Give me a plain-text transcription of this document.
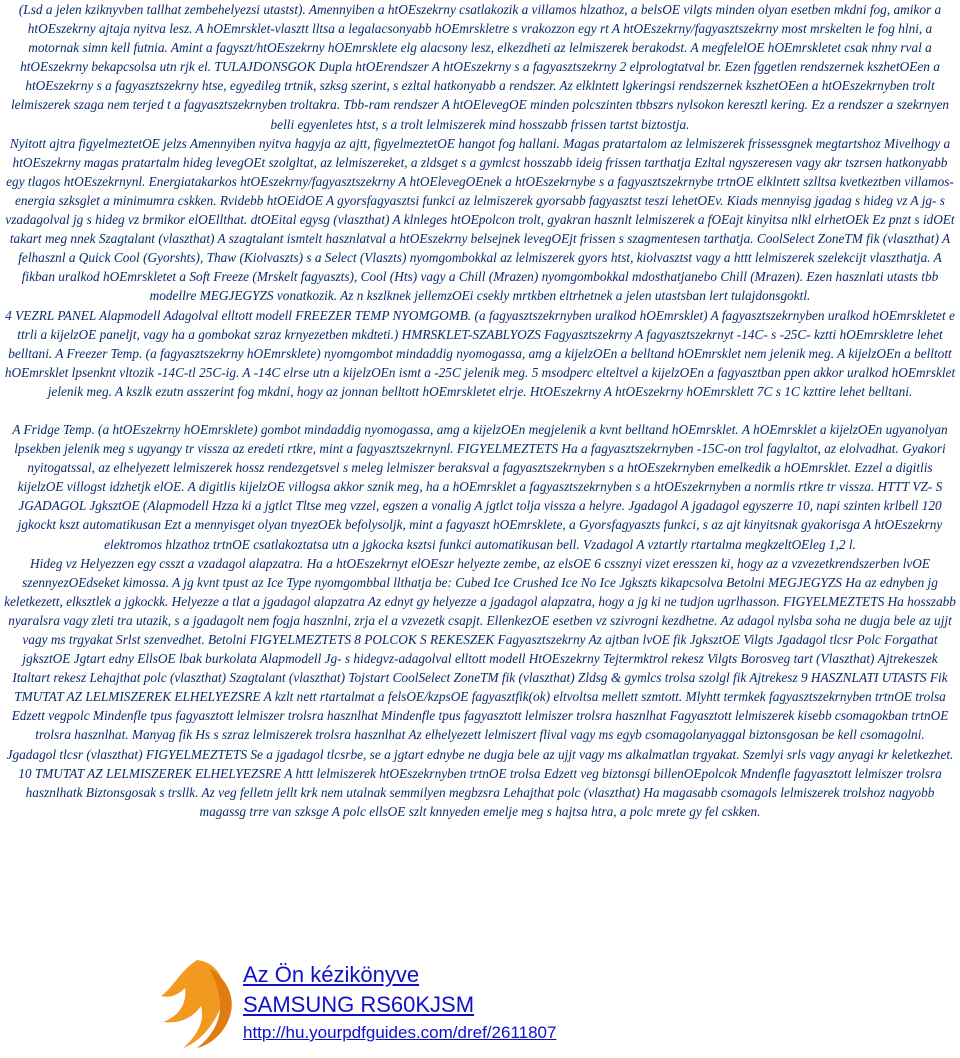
(Lsd a jelen kziknyvben tallhat zembehelyezsi utastst). Amennyiben a htOEszekrny csatlakozik a villamos hlzathoz, a belsOE vilgts minden olyan esetben mkdni fog, amikor a htOEszekrny ajtaja nyitva lesz. A hOEmrsklet-vlasztt lltsa a legalacsonyabb hOEmrskletre s vrakozzon egy rt A htOEszekrny/fagyasztszekrny most mrskelten le fog hlni, a motornak simn kell futnia. Amint a fagyszt/htOEszekrny hOEmrsklete elg alacsony lesz, elkezdheti az lelmiszerek berakodst. A megfelelOE hOEmrskletet csak nhny rval a htOEszekrny bekapcsolsa utn rjk el. TULAJDONSGOK Dupla htOErendszer A htOEszekrny s a fagyasztszekrny 2 elprologtatval br. Ezen fggetlen rendszernek kszhetOEen a htOEszekrny s a fagyasztszekrny htse, egyedileg trtnik, szksg szerint, s ezltal hatkonyabb a rendszer. Az elklntett lgkeringsi rendszernek kszhetOEen a htOEszekrnyben trolt lelmiszerek szaga nem terjed t a fagyasztszekrnyben troltakra. Tbb-ram rendszer A htOElevegOE minden polcszinten tbbszrs nylsokon keresztl kering. Ez a rendszer a szekrnyen belli egyenletes htst, s a trolt lelmiszerek mind hosszabb frissen tartst biztostja.
Nyitott ajtra figyelmeztetOE jelzs Amennyiben nyitva hagyja az ajtt, figyelmeztetOE hangot fog hallani. Magas pratartalom az lelmiszerek frissessgnek megtartshoz Mivelhogy a htOEszekrny magas pratartalm hideg levegOEt szolgltat, az lelmiszereket, a zldsget s a gymlcst hosszabb ideig frissen tarthatja Ezltal ngyszeresen vagy akr tszrsen hatkonyabb egy tlagos htOEszekrnynl. Energiatakarkos htOEszekrny/fagyasztszekrny A htOElevegOEnek a htOEszekrnybe s a fagyasztszekrnybe trtnOE elklntett szlltsa kvetkeztben villamos-energia szksglet a minimumra cskken. Rvidebb htOEidOE A gyorsfagyasztsi funkci az lelmiszerek gyorsabb fagyasztst teszi lehetOEv. Kiads mennyisg jgadag s hideg vz A jg- s vzadagolval jg s hideg vz brmikor elOEllthat. dtOEital egysg (vlaszthat) A klnleges htOEpolcon trolt, gyakran hasznlt lelmiszerek a fOEajt kinyitsa nlkl elrhetOEk Ez pnzt s idOEt takart meg nnek Szagtalant (vlaszthat) A szagtalant ismtelt hasznlatval a htOEszekrny belsejnek levegOEjt frissen s szagmentesen tarthatja. CoolSelect ZoneTM fik (vlaszthat) A felhasznl a Quick Cool (Gyorshts), Thaw (Kiolvaszts) s a Select (Vlaszts) nyomgombokkal az lelmiszerek gyors htst, kiolvasztst vagy a httt lelmiszerek szelekcijt vlaszthatja. A fikban uralkod hOEmrskletet a Soft Freeze (Mrskelt fagyaszts), Cool (Hts) vagy a Chill (Mrazen) nyomgombokkal mdosthatjanebo Chill (Mrazen). Ezen hasznlati utasts tbb modellre MEGJEGYZS vonatkozik. Az n kszlknek jellemzOEi csekly mrtkben eltrhetnek a jelen utastsban lert tulajdonsgoktl.
4 VEZRL PANEL Alapmodell Adagolval elltott modell FREEZER TEMP NYOMGOMB. (a fagyasztszekrnyben uralkod hOEmrsklet) A fagyasztszekrnyben uralkod hOEmrskletet e ttrli a kijelzOE paneljt, vagy ha a gombokat szraz krnyezetben mkdteti.) HMRSKLET-SZABLYOZS Fagyasztszekrny A fagyasztszekrnyt -14C- s -25C- kztti hOEmrskletre lehet belltani. A Freezer Temp. (a fagyasztszekrny hOEmrsklete) nyomgombot mindaddig nyomogassa, amg a kijelzOEn a belltand hOEmrsklet nem jelenik meg. A kijelzOEn a belltott hOEmrsklet lpsenknt vltozik -14C-tl 25C-ig. A -14C elrse utn a kijelzOEn ismt a -25C jelenik meg. 5 msodperc elteltvel a kijelzOEn a fagyasztban ppen akkor uralkod hOEmrsklet jelenik meg. A kszlk ezutn asszerint fog mkdni, hogy az jonnan belltott hOEmrskletet elrje. HtOEszekrny A htOEszekrny hOEmrsklett 7C s 1C kzttire lehet belltani.
A Fridge Temp. (a htOEszekrny hOEmrsklete) gombot mindaddig nyomogassa, amg a kijelzOEn megjelenik a kvnt belltand hOEmrsklet. A hOEmrsklet a kijelzOEn ugyanolyan lpsekben jelenik meg s ugyangy tr vissza az eredeti rtkre, mint a fagyasztszekrnynl. FIGYELMEZTETS Ha a fagyasztszekrnyben -15C-on trol fagylaltot, az elolvadhat. Gyakori nyitogatssal, az elhelyezett lelmiszerek hossz rendezgetsvel s meleg lelmiszer beraksval a fagyasztszekrnyben s a htOEszekrnyben emelkedik a hOEmrsklet. Ezzel a digitlis kijelzOE villogst idzhetjk elOE. A digitlis kijelzOE villogsa akkor sznik meg, ha a hOEmrsklet a fagyasztszekrnyben s a htOEszekrnyben a normlis rtkre tr vissza. HTTT VZ- S JGADAGOL JgksztOE (Alapmodell Hzza ki a jgtlct Tltse meg vzzel, egszen a vonalig A jgtlct tolja vissza a helyre. Jgadagol A jgadagol egyszerre 10, napi szinten krlbell 120 jgkockt kszt automatikusan Ezt a mennyisget olyan tnyezOEk befolysoljk, mint a fagyaszt hOEmrsklete, a Gyorsfagyaszts funkci, s az ajt kinyitsnak gyakorisga A htOEszekrny elektromos hlzathoz trtnOE csatlakoztatsa utn a jgkocka ksztsi funkci automatikusan bell. Vzadagol A vztartly rtartalma megkzeltOEleg 1,2 l.
Hideg vz Helyezzen egy csszt a vzadagol alapzatra. Ha a htOEszekrnyt elOEszr helyezte zembe, az elsOE 6 cssznyi vizet eresszen ki, hogy az a vzvezetkrendszerben lvOE szennyezOEdseket kimossa. A jg kvnt tpust az Ice Type nyomgombbal llthatja be: Cubed Ice Crushed Ice No Ice Jgkszts kikapcsolva Betolni MEGJEGYZS Ha az ednyben jg keletkezett, elksztlek a jgkockk. Helyezze a tlat a jgadagol alapzatra Az ednyt gy helyezze a jgadagol alapzatra, hogy a jg ki ne tudjon ugrlhasson. FIGYELMEZTETS Ha hosszabb nyaralsra vagy zleti tra utazik, s a jgadagolt nem fogja hasznlni, zrja el a vzvezetk csapjt. EllenkezOE esetben vz szivrogni kezdhetne. Az adagol nylsba soha ne dugja bele az ujjt vagy ms trgyakat Srlst szenvedhet. Betolni FIGYELMEZTETS 8 POLCOK S REKESZEK Fagyasztszekrny Az ajtban lvOE fik JgksztOE Vilgts Jgadagol tlcsr Polc Forgathat jgksztOE Jgtart edny EllsOE lbak burkolata Alapmodell Jg- s hidegvz-adagolval elltott modell HtOEszekrny Tejtermktrol rekesz Vilgts Borosveg tart (Vlaszthat) Ajtrekeszek Italtart rekesz Lehajthat polc (vlaszthat) Szagtalant (vlaszthat) Tojstart CoolSelect ZoneTM fik (vlaszthat) Zldsg & gymlcs trolsa szolgl fik Ajtrekesz 9 HASZNLATI UTASTS Fik TMUTAT AZ LELMISZEREK ELHELYEZSRE A kzlt nett rtartalmat a felsOE/kzpsOE fagyasztfik(ok) eltvoltsa mellett szmtott. Mlyhtt termkek fagyasztszekrnyben trtnOE trolsa Edzett vegpolc Mindenfle tpus fagyasztott lelmiszer trolsra hasznlhat Mindenfle tpus fagyasztott lelmiszer trolsra hasznlhat Fagyasztott lelmiszerek kisebb csomagokban trtnOE trolsra hasznlhat. Manyag fik Hs s szraz lelmiszerek trolsra hasznlhat Az elhelyezett lelmiszert flival vagy ms egyb csomagolanyaggal biztonsgosan be kell csomagolni.
Jgadagol tlcsr (vlaszthat) FIGYELMEZTETS Se a jgadagol tlcsrbe, se a jgtart ednybe ne dugja bele az ujjt vagy ms alkalmatlan trgyakat. Szemlyi srls vagy anyagi kr keletkezhet. 10 TMUTAT AZ LELMISZEREK ELHELYEZSRE A httt lelmiszerek htOEszekrnyben trtnOE trolsa Edzett veg biztonsgi billenOEpolcok Mndenfle fagyasztott lelmiszer trolsra hasznlhatk Biztonsgosak s trsllk. Az veg felletn jellt krk nem utalnak semmilyen megbzsra Lehajthat polc (vlaszthat) Ha magasabb csomagols lelmiszerek trolshoz nagyobb magassg trre van szksge A polc ellsOE szlt knnyeden emelje meg s hajtsa htra, a polc mrete gy fel cskken.
Az Ön kézikönyve
SAMSUNG RS60KJSM
http://hu.yourpdfguides.com/dref/2611807
